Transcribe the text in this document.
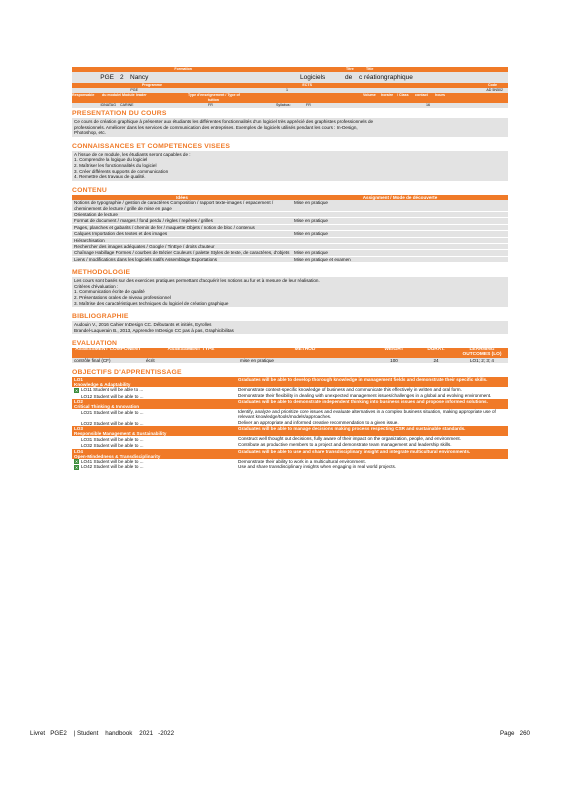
Formation	Titre	Title
PGE 2 Nancy	Logiciels	de	c réationgraphique
Programme	ECTS	Code
PGE	1	AD 5N502
Responsable	du module / Module leader	Type d'enseignement / Type of
tuition
Volume	horaire	/ Class	contact	hours
IDNATAG	CARINE	FR	Syllabus:	FR	16
PRESENTATION DU COURS
Ce cours de création graphique à présenter aux étudiants les différentes fonctionnalités d'un logiciel très apprécié des graphistes professionnels de
professionnels. Améliorer dans les services de communication des entreprises. Exemples de logiciels utilisés pendant les cours : In-Design,
Photoshop, etc.
CONNAISSANCES ET COMPETENCES VISEES
A l'issue de ce module, les étudiants seront capables de :
1. Comprendre la logique du logiciel
2. Maîtriser les fonctionnalités du logiciel
3. Créer différents supports de communication
4. Remettre des travaux de qualité.
CONTENU
Idées	Assignment / Mode de découverte
Notions de typographie / gestion de caractères Composition / rapport texte-images / espacement / cheminement de lecture / grille de mise en page	Mise en pratique
Orientation de lecture	
Format de document / marges / fond perdu / règles / repères / grilles	Mise en pratique
Pages, planches et gabarits / chemin de fer / maquette Objets / notion de bloc / contenus	
Calques Importation des textes et des images	Mise en pratique
Hiérarchisation	
Rechercher des images adéquates / Google / TinEye / droits d'auteur	
Chaînage Habillage Formes / courbes de Bézier Couleurs / palette Styles de texte, de caractères, d'objets	Mise en pratique
Liens / modifications dans les logiciels natifs Assemblage Exportations	Mise en pratique et examen
METHODOLOGIE
Les cours sont basés sur des exercices pratiques permettant d'acquérir les notions au fur et à mesure de leur réalisation.
Critères d'évaluation :
1. Communication écrite de qualité
2. Présentations orales de niveau professionnel
3. Maîtrise des caractéristiques techniques du logiciel de création graphique
BIBLIOGRAPHIE
Audouin V., 2016 Cahier InDesign CC. Débutants et initiés, Eyrolles
Brandel-Laquerain B., 2013, Apprendre InDesign CC pas à pas, Graphicibilitas
EVALUATION
ASSESSMENT COMPONENT	ASSESSMENT TYPE	METHOD	WEIGHT	DURAT.	LEARNING OUTCOMES (LO)
contrôle final (CF)	écrit	mise en pratique	100	24	LO1; 2; 3; 4
OBJECTIFS D'APPRENTISSAGE
LO1
Knowledge & Adaptability	Graduates will be able to develop thorough knowledge in management fields and demonstrate their specific skills.
✕ LO11 Student will be able to ...	Demonstrate context-specific knowledge of business and communicate this effectively in written and oral form.
LO12 Student will be able to ...	Demonstrate their flexibility in dealing with unexpected management issues/challenges in a global and evolving environment.
LO2
Critical Thinking & Innovation	Graduates will be able to demonstrate independent thinking into business issues and propose informed solutions.
LO21 Student will be able to ...	Identify, analyze and prioritize core issues and evaluate alternatives in a complex business situation, making appropriate use of relevant knowledge/tools/models/approaches.
LO22 Student will be able to ...	Deliver an appropriate and informed creative recommendation to a given issue.
LO3
Responsible Management & Sustainability	Graduates will be able to manage decisions making process respecting CSR and sustainable standards.
LO31 Student will be able to ...	Construct well thought out decisions, fully aware of their impact on the organization, people, and environment.
LO32 Student will be able to ...	Contribute as productive members to a project and demonstrate team management and leadership skills.
LO4
Open-Mindedness & Transdisciplinarity	Graduates will be able to use and share transdisciplinary insight and integrate multicultural environments.
✕ LO41 Student will be able to ...	Demonstrate their ability to work in a multicultural environment.
✕ LO42 Student will be able to ...	Use and share transdisciplinary insights when engaging in real world projects.
Livret   PGE2    | Student    handbook    2021   -2022	Page 260
